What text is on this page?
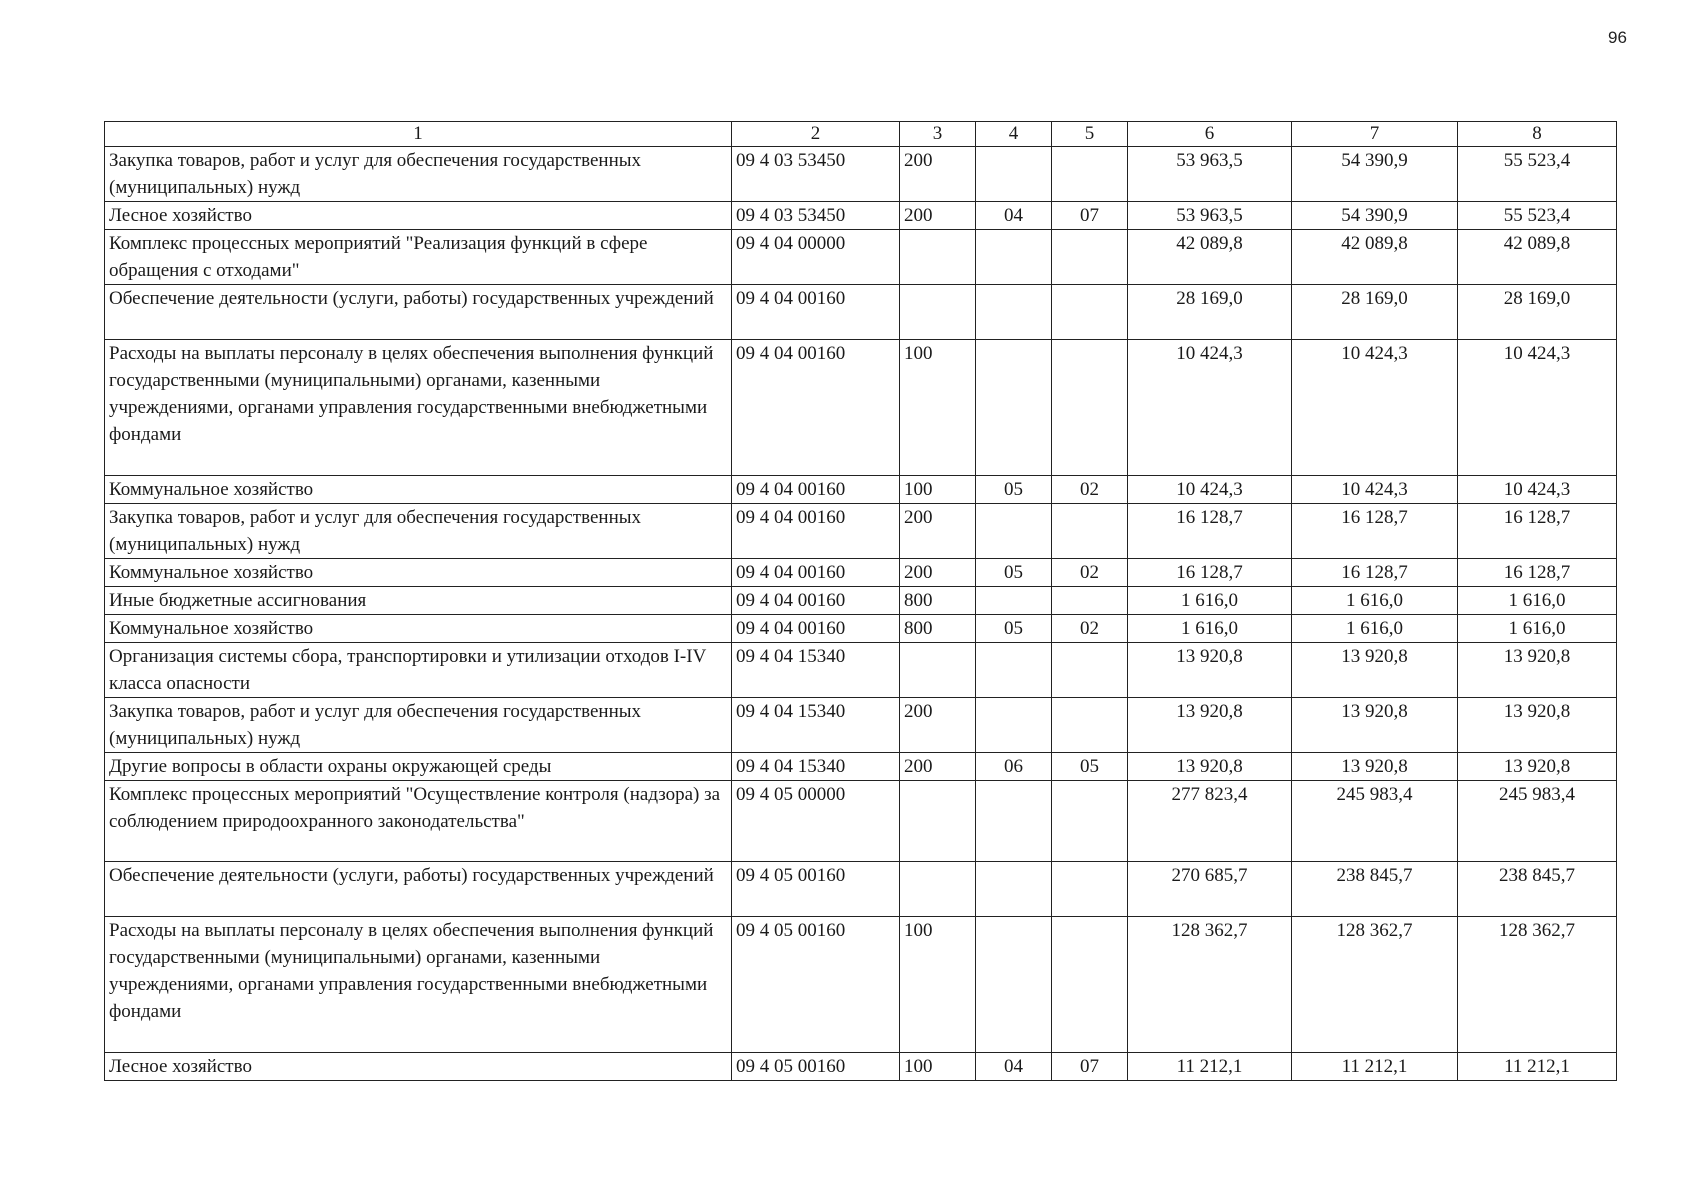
96
1	2	3	4	5	6	7	8
Закупка товаров, работ и услуг для обеспечения государственных (муниципальных) нужд	09 4 03 53450	200			53 963,5	54 390,9	55 523,4
Лесное хозяйство	09 4 03 53450	200	04	07	53 963,5	54 390,9	55 523,4
Комплекс процессных мероприятий "Реализация функций в сфере обращения с отходами"	09 4 04 00000				42 089,8	42 089,8	42 089,8
Обеспечение деятельности (услуги, работы) государственных учреждений	09 4 04 00160				28 169,0	28 169,0	28 169,0
Расходы на выплаты персоналу в целях обеспечения выполнения функций государственными (муниципальными) органами, казенными учреждениями, органами управления государственными внебюджетными фондами	09 4 04 00160	100			10 424,3	10 424,3	10 424,3
Коммунальное хозяйство	09 4 04 00160	100	05	02	10 424,3	10 424,3	10 424,3
Закупка товаров, работ и услуг для обеспечения государственных (муниципальных) нужд	09 4 04 00160	200			16 128,7	16 128,7	16 128,7
Коммунальное хозяйство	09 4 04 00160	200	05	02	16 128,7	16 128,7	16 128,7
Иные бюджетные ассигнования	09 4 04 00160	800			1 616,0	1 616,0	1 616,0
Коммунальное хозяйство	09 4 04 00160	800	05	02	1 616,0	1 616,0	1 616,0
Организация системы сбора, транспортировки и утилизации отходов I-IV класса опасности	09 4 04 15340				13 920,8	13 920,8	13 920,8
Закупка товаров, работ и услуг для обеспечения государственных (муниципальных) нужд	09 4 04 15340	200			13 920,8	13 920,8	13 920,8
Другие вопросы в области охраны окружающей среды	09 4 04 15340	200	06	05	13 920,8	13 920,8	13 920,8
Комплекс процессных мероприятий "Осуществление контроля (надзора) за соблюдением природоохранного законодательства"	09 4 05 00000				277 823,4	245 983,4	245 983,4
Обеспечение деятельности (услуги, работы) государственных учреждений	09 4 05 00160				270 685,7	238 845,7	238 845,7
Расходы на выплаты персоналу в целях обеспечения выполнения функций государственными (муниципальными) органами, казенными учреждениями, органами управления государственными внебюджетными фондами	09 4 05 00160	100			128 362,7	128 362,7	128 362,7
Лесное хозяйство	09 4 05 00160	100	04	07	11 212,1	11 212,1	11 212,1
